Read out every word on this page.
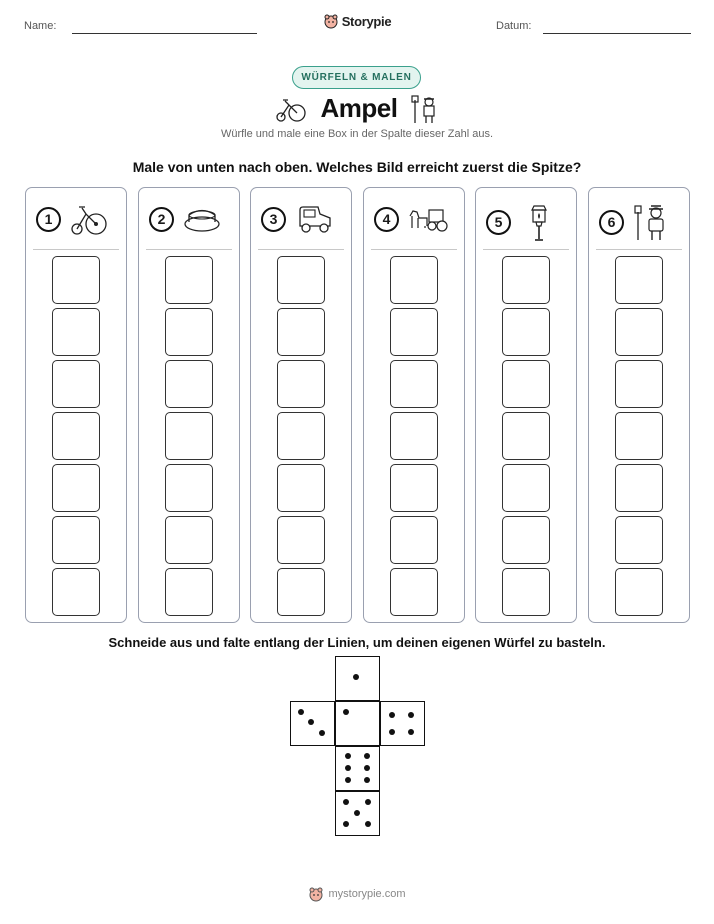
Name:	Storypie	Datum:
WÜRFELN & MALEN
Ampel
Würfle und male eine Box in der Spalte dieser Zahl aus.
Male von unten nach oben. Welches Bild erreicht zuerst die Spitze?
1	2	3	4	5	6
Schneide aus und falte entlang der Linien, um deinen eigenen Würfel zu basteln.
mystorypie.com
